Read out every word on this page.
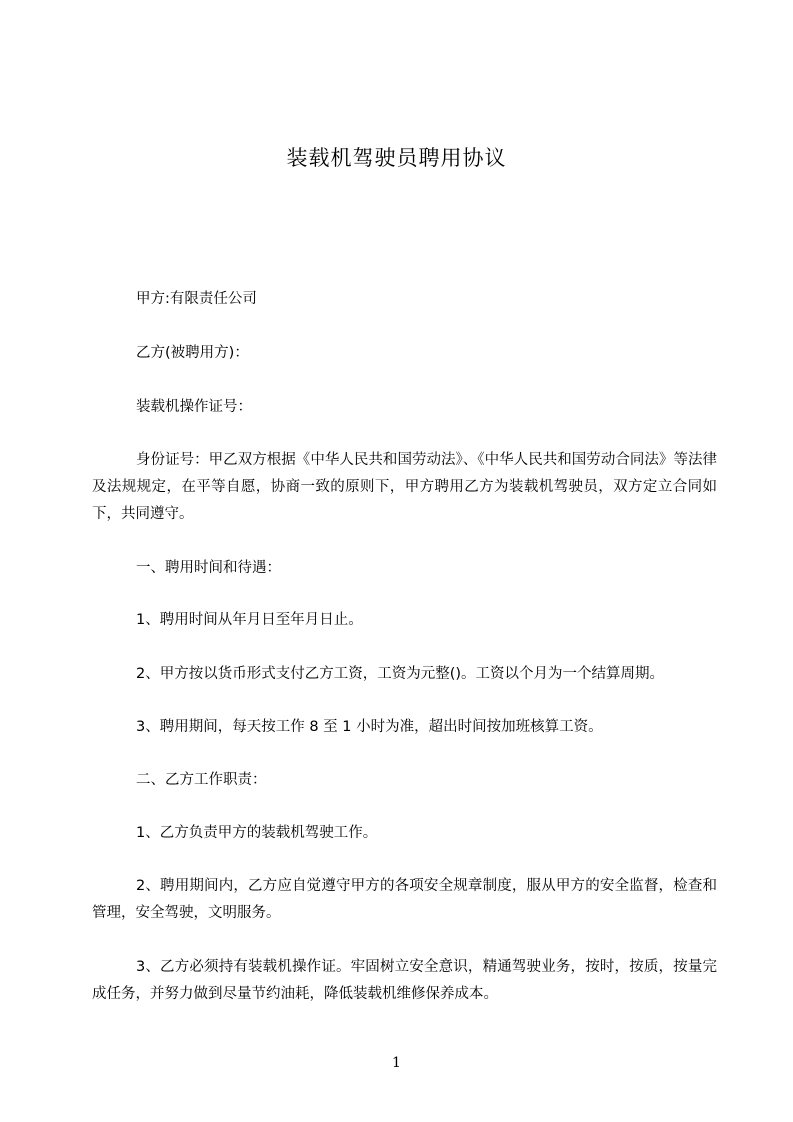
装载机驾驶员聘用协议

甲方:有限责任公司

乙方(被聘用方)：

装载机操作证号：

身份证号：甲乙双方根据《中华人民共和国劳动法》、《中华人民共和国劳动合同法》等法律及法规规定，在平等自愿，协商一致的原则下，甲方聘用乙方为装载机驾驶员，双方定立合同如下，共同遵守。

一、聘用时间和待遇：

1、聘用时间从年月日至年月日止。

2、甲方按以货币形式支付乙方工资，工资为元整()。工资以个月为一个结算周期。

3、聘用期间，每天按工作 8 至 1 小时为准，超出时间按加班核算工资。

二、乙方工作职责：

1、乙方负责甲方的装载机驾驶工作。

2、聘用期间内，乙方应自觉遵守甲方的各项安全规章制度，服从甲方的安全监督，检查和管理，安全驾驶，文明服务。

3、乙方必须持有装载机操作证。牢固树立安全意识，精通驾驶业务，按时，按质，按量完成任务，并努力做到尽量节约油耗，降低装载机维修保养成本。

1
